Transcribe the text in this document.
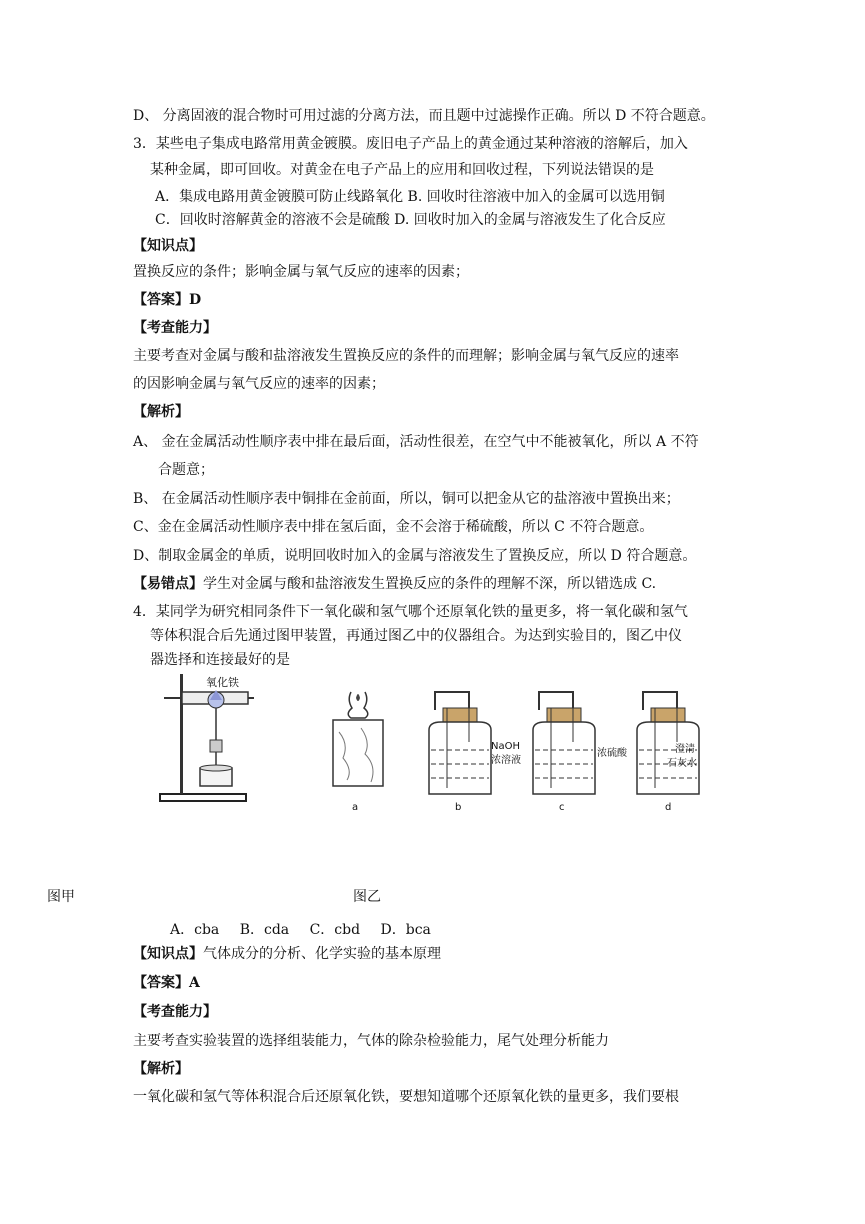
D、 分离固液的混合物时可用过滤的分离方法，而且题中过滤操作正确。所以 D 不符合题意。
3．某些电子集成电路常用黄金镀膜。废旧电子产品上的黄金通过某种溶液的溶解后，加入
某种金属，即可回收。对黄金在电子产品上的应用和回收过程，下列说法错误的是
A．集成电路用黄金镀膜可防止线路氧化 B. 回收时往溶液中加入的金属可以选用铜
C．回收时溶解黄金的溶液不会是硫酸 D. 回收时加入的金属与溶液发生了化合反应
【知识点】
置换反应的条件；影响金属与氧气反应的速率的因素；
【答案】D
【考查能力】
主要考查对金属与酸和盐溶液发生置换反应的条件的而理解；影响金属与氧气反应的速率
的因影响金属与氧气反应的速率的因素；
【解析】
A、 金在金属活动性顺序表中排在最后面，活动性很差，在空气中不能被氧化，所以 A 不符
合题意；
B、 在金属活动性顺序表中铜排在金前面，所以，铜可以把金从它的盐溶液中置换出来；
C、金在金属活动性顺序表中排在氢后面，金不会溶于稀硫酸，所以 C 不符合题意。
D、制取金属金的单质，说明回收时加入的金属与溶液发生了置换反应，所以 D 符合题意。
【易错点】学生对金属与酸和盐溶液发生置换反应的条件的理解不深，所以错选成 C.
4．某同学为研究相同条件下一氧化碳和氢气哪个还原氧化铁的量更多，将一氧化碳和氢气
等体积混合后先通过图甲装置，再通过图乙中的仪器组合。为达到实验目的，图乙中仪
器选择和连接最好的是
氧化铁
a
NaOH
浓溶液
b
浓硫酸
c
澄清
石灰水
d
图甲	图乙
A．cba B．cda C．cbd D．bca
【知识点】气体成分的分析、化学实验的基本原理
【答案】A
【考查能力】
主要考查实验装置的选择组装能力，气体的除杂检验能力，尾气处理分析能力
【解析】
一氧化碳和氢气等体积混合后还原氧化铁，要想知道哪个还原氧化铁的量更多，我们要根
